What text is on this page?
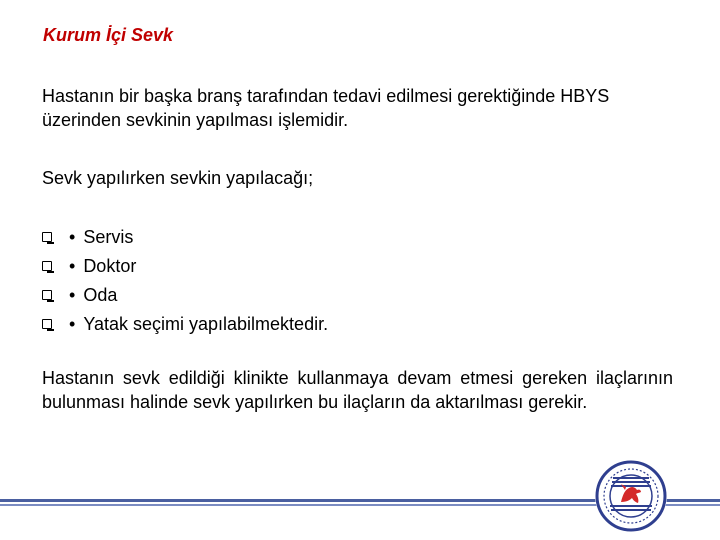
Kurum İçi Sevk
Hastanın bir başka branş tarafından tedavi edilmesi gerektiğinde HBYS üzerinden sevkinin yapılması işlemidir.
Sevk yapılırken sevkin yapılacağı;
• Servis
• Doktor
• Oda
• Yatak seçimi yapılabilmektedir.
Hastanın sevk edildiği klinikte kullanmaya devam etmesi gereken ilaçlarının bulunması halinde sevk yapılırken bu ilaçların da aktarılması gerekir.
